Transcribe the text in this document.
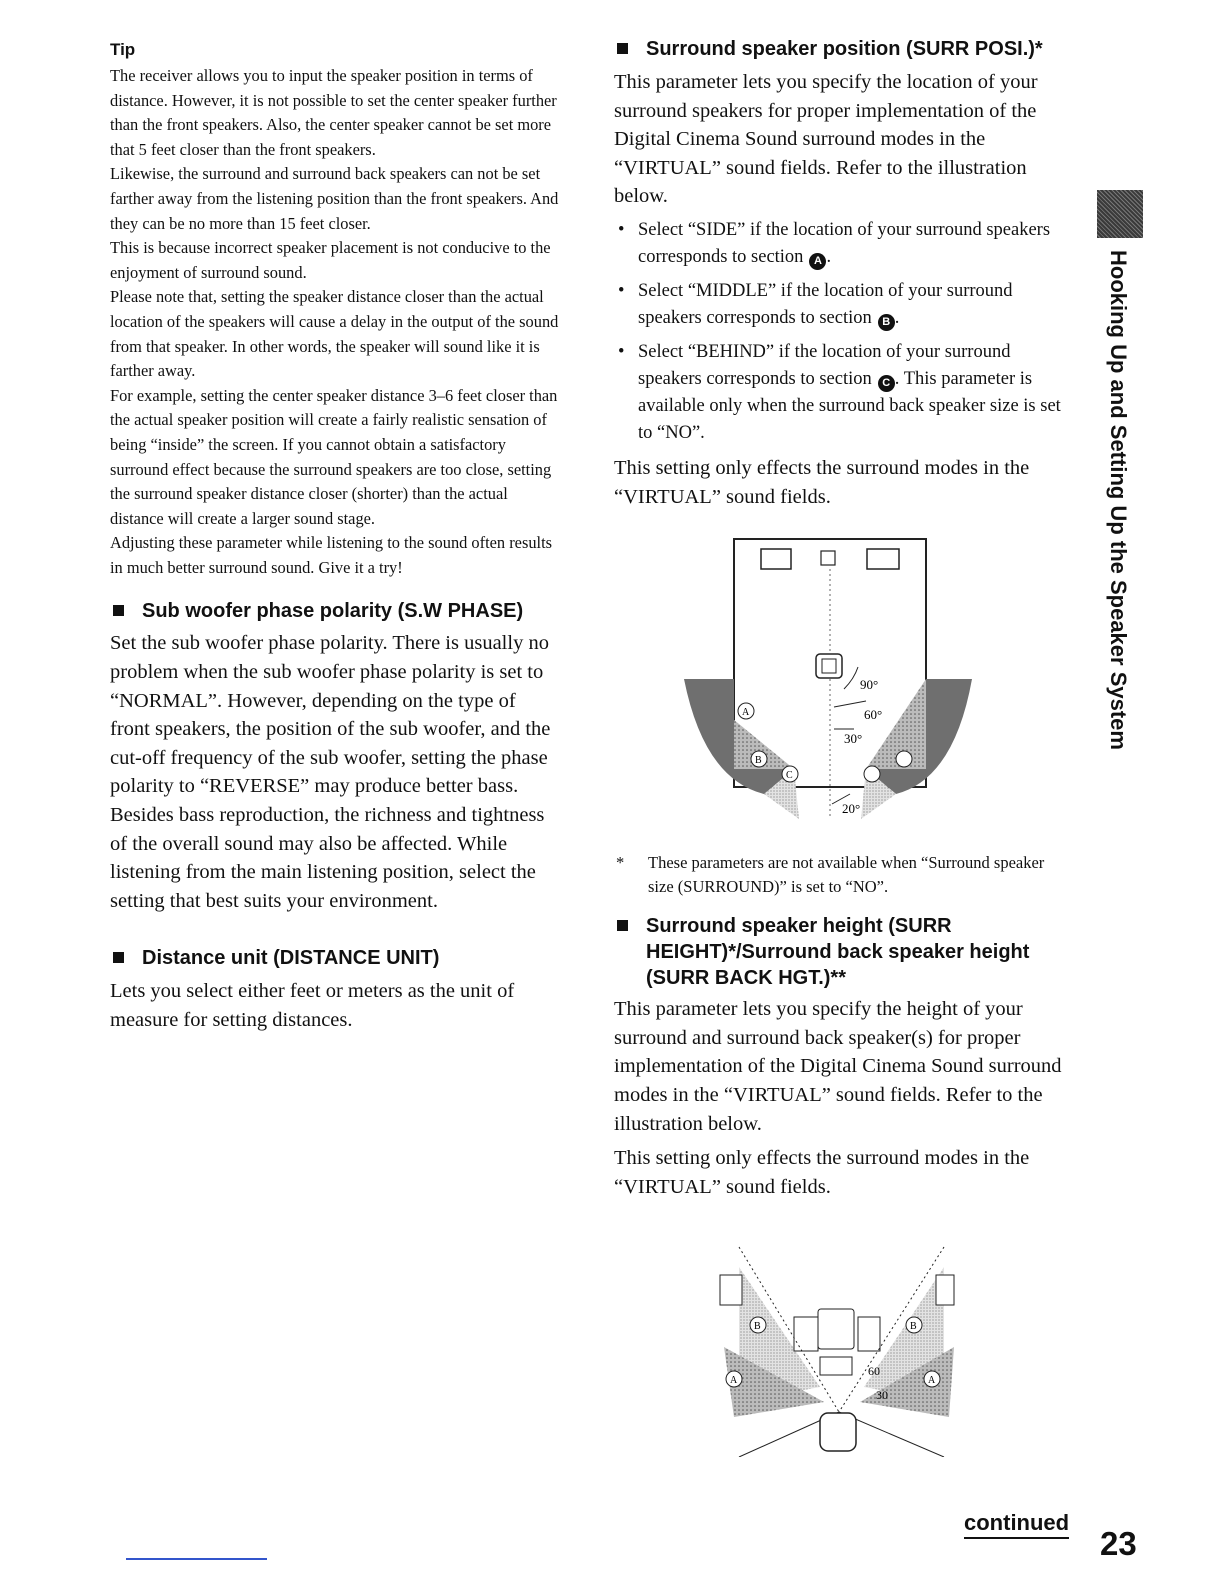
Tip

The receiver allows you to input the speaker position in terms of distance. However, it is not possible to set the center speaker further than the front speakers. Also, the center speaker cannot be set more that 5 feet closer than the front speakers.

Likewise, the surround and surround back speakers can not be set farther away from the listening position than the front speakers. And they can be no more than 15 feet closer.

This is because incorrect speaker placement is not conducive to the enjoyment of surround sound.

Please note that, setting the speaker distance closer than the actual location of the speakers will cause a delay in the output of the sound from that speaker. In other words, the speaker will sound like it is farther away.

For example, setting the center speaker distance 3–6 feet closer than the actual speaker position will create a fairly realistic sensation of being “inside” the screen. If you cannot obtain a satisfactory surround effect because the surround speakers are too close, setting the surround speaker distance closer (shorter) than the actual distance will create a larger sound stage.

Adjusting these parameter while listening to the sound often results in much better surround sound. Give it a try!

Sub woofer phase polarity (S.W PHASE)

Set the sub woofer phase polarity. There is usually no problem when the sub woofer phase polarity is set to “NORMAL”. However, depending on the type of front speakers, the position of the sub woofer, and the cut-off frequency of the sub woofer, setting the phase polarity to “REVERSE” may produce better bass. Besides bass reproduction, the richness and tightness of the overall sound may also be affected. While listening from the main listening position, select the setting that best suits your environment.

Distance unit (DISTANCE UNIT)

Lets you select either feet or meters as the unit of measure for setting distances.

Surround speaker position (SURR POSI.)*

This parameter lets you specify the location of your surround speakers for proper implementation of the Digital Cinema Sound surround modes in the “VIRTUAL” sound fields. Refer to the illustration below.

• Select “SIDE” if the location of your surround speakers corresponds to section A .
• Select “MIDDLE” if the location of your surround speakers corresponds to section B .
• Select “BEHIND” if the location of your surround speakers corresponds to section C . This parameter is available only when the surround back speaker size is set to “NO”.

This setting only effects the surround modes in the “VIRTUAL” sound fields.

90°
60°
30°
20°
A
B
C

* These parameters are not available when “Surround speaker size (SURROUND)” is set to “NO”.

Surround speaker height (SURR HEIGHT)*/Surround back speaker height (SURR BACK HGT.)**

This parameter lets you specify the height of your surround and surround back speaker(s) for proper implementation of the Digital Cinema Sound surround modes in the “VIRTUAL” sound fields. Refer to the illustration below.

This setting only effects the surround modes in the “VIRTUAL” sound fields.

B	B
A	A
60
30
Hooking Up and Setting Up the Speaker System
continued
23
